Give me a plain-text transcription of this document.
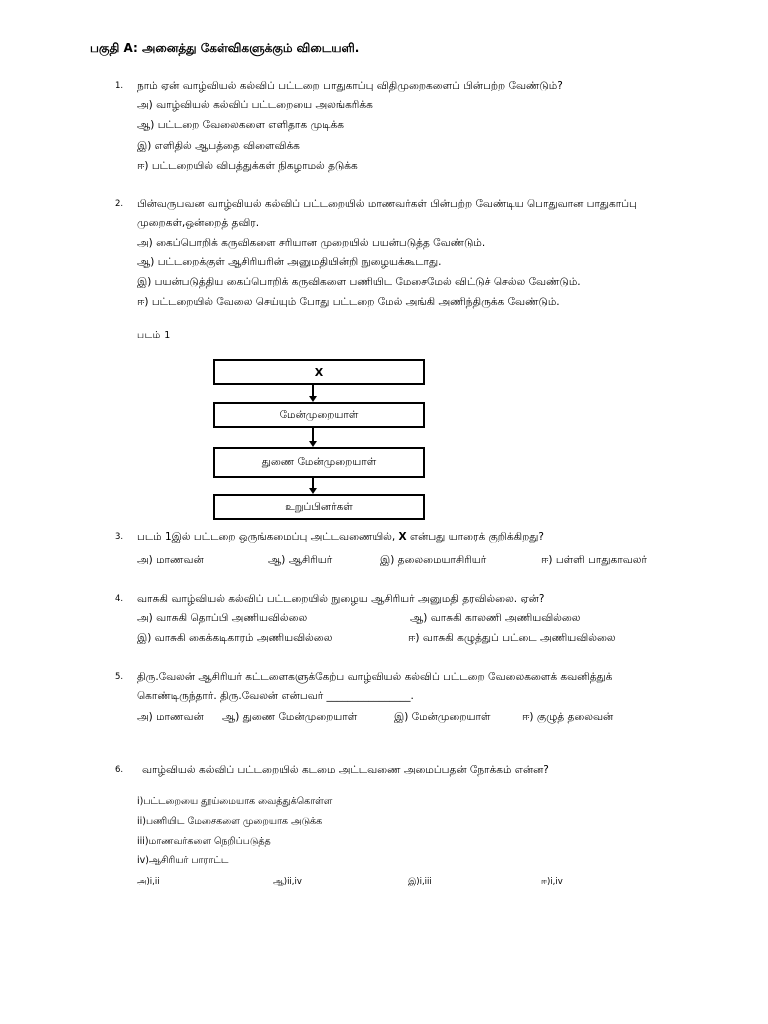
பகுதி A: அனைத்து கேள்விகளுக்கும் விடையளி.
1. நாம் ஏன் வாழ்வியல் கல்விப் பட்டறை பாதுகாப்பு விதிமுறைகளைப் பின்பற்ற வேண்டும்?
அ) வாழ்வியல் கல்விப் பட்டறையை அலங்கரிக்க
ஆ) பட்டறை வேலைகளை எளிதாக முடிக்க
இ) எளிதில் ஆபத்தை விளைவிக்க
ஈ) பட்டறையில் விபத்துக்கள் நிகழாமல் தடுக்க
2. பின்வருபவன வாழ்வியல் கல்விப் பட்டறையில் மாணவர்கள் பின்பற்ற வேண்டிய பொதுவான பாதுகாப்பு
முறைகள்,ஒன்றைத் தவிர.
அ) கைப்பொறிக் கருவிகளை சரியான முறையில் பயன்படுத்த வேண்டும்.
ஆ) பட்டறைக்குள் ஆசிரியரின் அனுமதியின்றி நுழையக்கூடாது.
இ) பயன்படுத்திய கைப்பொறிக் கருவிகளை பணியிட மேசைமேல் விட்டுச் செல்ல வேண்டும்.
ஈ) பட்டறையில் வேலை செய்யும் போது பட்டறை மேல் அங்கி அணிந்திருக்க வேண்டும்.
படம் 1
X
மேன்முறையாள்
துணை மேன்முறையாள்
உறுப்பினர்கள்
3. படம் 1இல் பட்டறை ஒருங்கமைப்பு அட்டவணையில், X என்பது யாரைக் குறிக்கிறது?
அ) மாணவன்	ஆ) ஆசிரியர்	இ) தலைமையாசிரியர்	ஈ) பள்ளி பாதுகாவலர்
4. வாசுகி வாழ்வியல் கல்விப் பட்டறையில் நுழைய ஆசிரியர் அனுமதி தரவில்லை. ஏன்?
அ) வாசுகி தொப்பி அணியவில்லை	ஆ) வாசுகி காலணி அணியவில்லை
இ) வாசுகி கைக்கடிகாரம் அணியவில்லை	ஈ) வாசுகி கழுத்துப் பட்டை அணியவில்லை
5. திரு.வேலன் ஆசிரியர் கட்டளைகளுக்கேற்ப வாழ்வியல் கல்விப் பட்டறை வேலைகளைக் கவனித்துக்
கொண்டிருந்தார். திரு.வேலன் என்பவர் ________________.
அ) மாணவன் ஆ) துணை மேன்முறையாள்	இ) மேன்முறையாள்	ஈ) குழுத் தலைவன்
6.	வாழ்வியல் கல்விப் பட்டறையில் கடமை அட்டவணை அமைப்பதன் நோக்கம் என்ன?
i)பட்டறையை தூய்மையாக வைத்துக்கொள்ள
ii)பணியிட மேசைகளை முறையாக அடுக்க
iii)மாணவர்களை நெறிப்படுத்த
iv)ஆசிரியர் பாராட்ட
அ)i,ii	ஆ)ii,iv	இ)i,iii	ஈ)i,iv
